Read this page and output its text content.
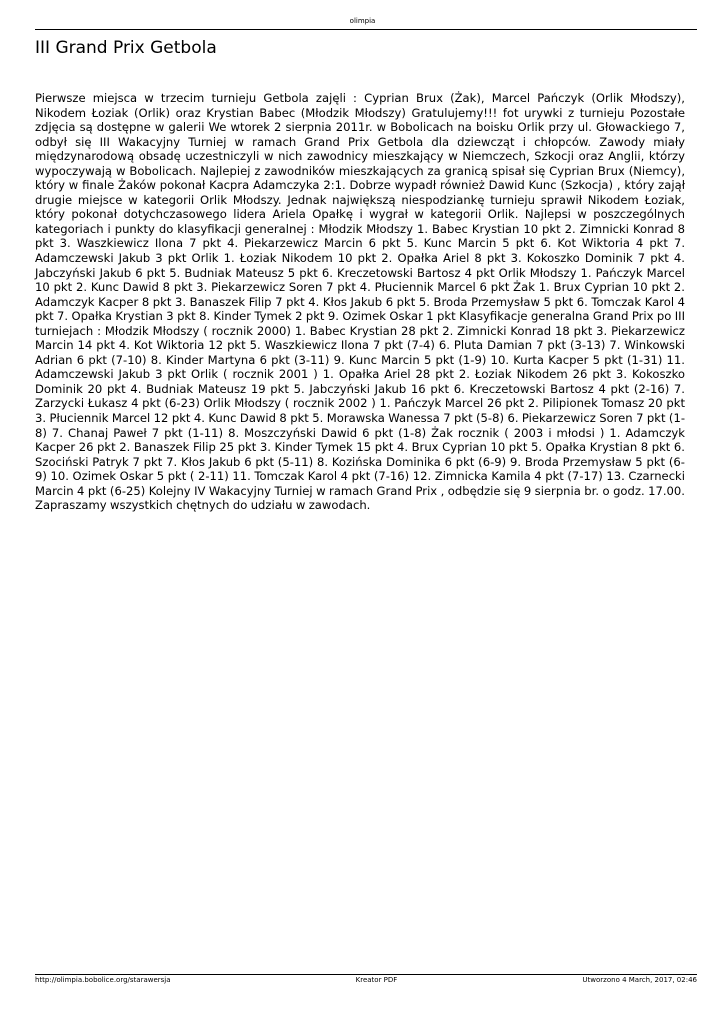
olimpia
III Grand Prix Getbola

Pierwsze miejsca w trzecim turnieju Getbola zajęli : Cyprian Brux (Żak), Marcel Pańczyk (Orlik Młodszy), Nikodem Łoziak (Orlik) oraz Krystian Babec (Młodzik Młodszy) Gratulujemy!!! fot urywki z turnieju Pozostałe zdjęcia są dostępne w galerii We wtorek 2 sierpnia 2011r. w Bobolicach na boisku Orlik przy ul. Głowackiego 7, odbył się III Wakacyjny Turniej w ramach Grand Prix Getbola dla dziewcząt i chłopców. Zawody miały międzynarodową obsadę uczestniczyli w nich zawodnicy mieszkający w Niemczech, Szkocji oraz Anglii, którzy wypoczywają w Bobolicach. Najlepiej z zawodników mieszkających za granicą spisał się Cyprian Brux (Niemcy), który w finale Żaków pokonał Kacpra Adamczyka 2:1. Dobrze wypadł również Dawid Kunc (Szkocja) , który zajął drugie miejsce w kategorii Orlik Młodszy. Jednak największą niespodziankę turnieju sprawił Nikodem Łoziak, który pokonał dotychczasowego lidera Ariela Opałkę i wygrał w kategorii Orlik. Najlepsi w poszczególnych kategoriach i punkty do klasyfikacji generalnej : Młodzik Młodszy 1. Babec Krystian 10 pkt 2. Zimnicki Konrad 8 pkt 3. Waszkiewicz Ilona 7 pkt 4. Piekarzewicz Marcin 6 pkt 5. Kunc Marcin 5 pkt 6. Kot Wiktoria 4 pkt 7. Adamczewski Jakub 3 pkt Orlik 1. Łoziak Nikodem 10 pkt 2. Opałka Ariel 8 pkt 3. Kokoszko Dominik 7 pkt 4. Jabczyński Jakub 6 pkt 5. Budniak Mateusz 5 pkt 6. Kreczetowski Bartosz 4 pkt Orlik Młodszy 1. Pańczyk Marcel 10 pkt 2. Kunc Dawid 8 pkt 3. Piekarzewicz Soren 7 pkt 4. Płuciennik Marcel 6 pkt Żak 1. Brux Cyprian 10 pkt 2. Adamczyk Kacper 8 pkt 3. Banaszek Filip 7 pkt 4. Kłos Jakub 6 pkt 5. Broda Przemysław 5 pkt 6. Tomczak Karol 4 pkt 7. Opałka Krystian 3 pkt 8. Kinder Tymek 2 pkt 9. Ozimek Oskar 1 pkt Klasyfikacje generalna Grand Prix po III turniejach : Młodzik Młodszy ( rocznik 2000) 1. Babec Krystian 28 pkt 2. Zimnicki Konrad 18 pkt 3. Piekarzewicz Marcin 14 pkt 4. Kot Wiktoria 12 pkt 5. Waszkiewicz Ilona 7 pkt (7-4) 6. Pluta Damian 7 pkt (3-13) 7. Winkowski Adrian 6 pkt (7-10) 8. Kinder Martyna 6 pkt (3-11) 9. Kunc Marcin 5 pkt (1-9) 10. Kurta Kacper 5 pkt (1-31) 11. Adamczewski Jakub 3 pkt Orlik ( rocznik 2001 ) 1. Opałka Ariel 28 pkt 2. Łoziak Nikodem 26 pkt 3. Kokoszko Dominik 20 pkt 4. Budniak Mateusz 19 pkt 5. Jabczyński Jakub 16 pkt 6. Kreczetowski Bartosz 4 pkt (2-16) 7. Zarzycki Łukasz 4 pkt (6-23) Orlik Młodszy ( rocznik 2002 ) 1. Pańczyk Marcel 26 pkt 2. Pilipionek Tomasz 20 pkt 3. Płuciennik Marcel 12 pkt 4. Kunc Dawid 8 pkt 5. Morawska Wanessa 7 pkt (5-8) 6. Piekarzewicz Soren 7 pkt (1-8) 7. Chanaj Paweł 7 pkt (1-11) 8. Moszczyński Dawid 6 pkt (1-8) Żak rocznik ( 2003 i młodsi ) 1. Adamczyk Kacper 26 pkt 2. Banaszek Filip 25 pkt 3. Kinder Tymek 15 pkt 4. Brux Cyprian 10 pkt 5. Opałka Krystian 8 pkt 6. Szociński Patryk 7 pkt 7. Kłos Jakub 6 pkt (5-11) 8. Kozińska Dominika 6 pkt (6-9) 9. Broda Przemysław 5 pkt (6-9) 10. Ozimek Oskar 5 pkt ( 2-11) 11. Tomczak Karol 4 pkt (7-16) 12. Zimnicka Kamila 4 pkt (7-17) 13. Czarnecki Marcin 4 pkt (6-25) Kolejny IV Wakacyjny Turniej w ramach Grand Prix , odbędzie się 9 sierpnia br. o godz. 17.00. Zapraszamy wszystkich chętnych do udziału w zawodach.

http://olimpia.bobolice.org/starawersja	Kreator PDF	Utworzono 4 March, 2017, 02:46
